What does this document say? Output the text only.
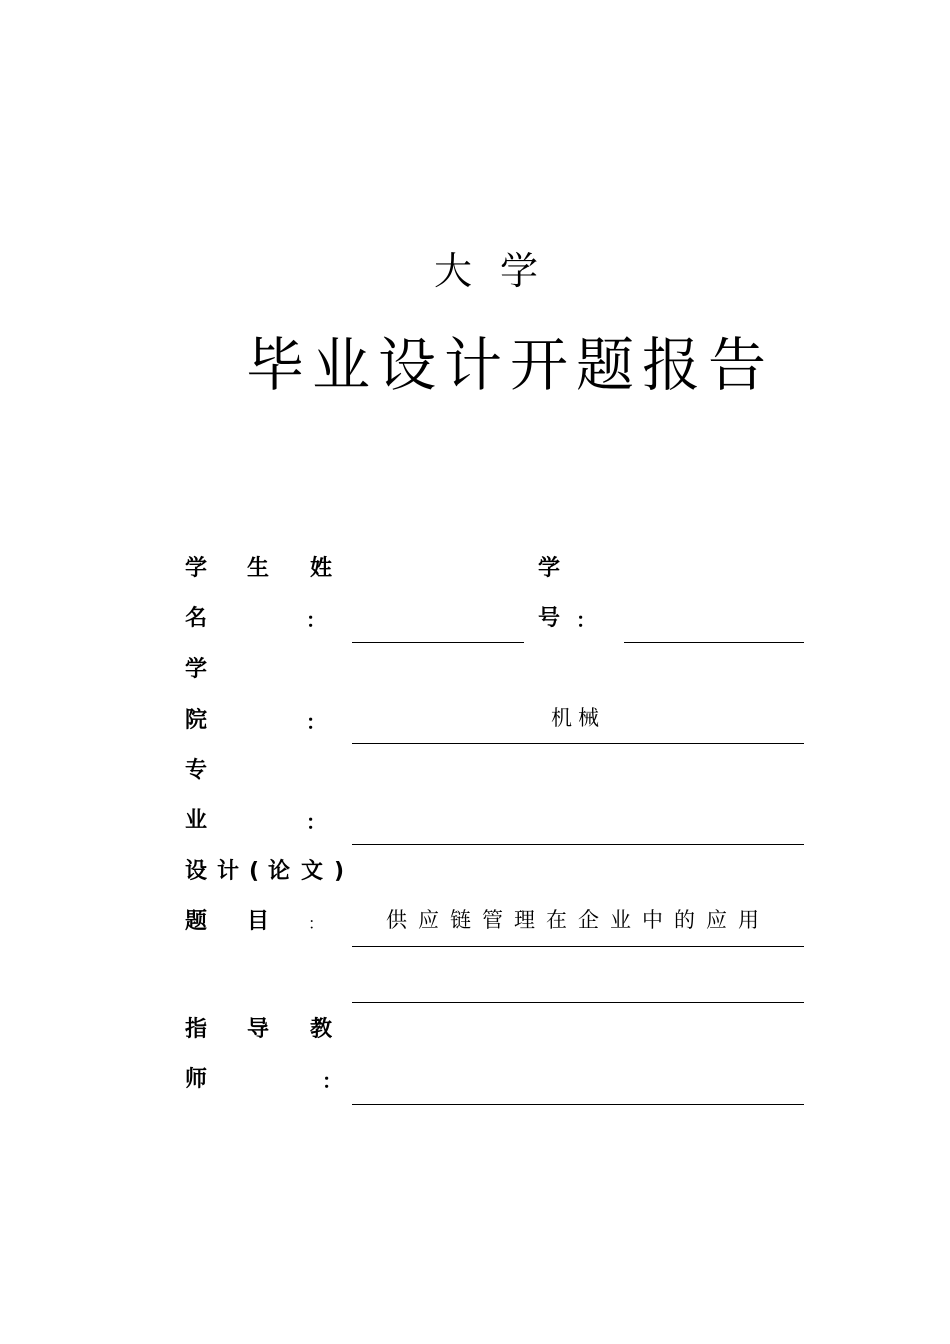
大学
毕业设计开题报告
学 生 姓
名	：
学
号 ：
学
院	：	机械
专
业	：
设 计 ( 论 文 )
题 目 ：	供应链管理在企业中的应用
指 导 教
师	：
